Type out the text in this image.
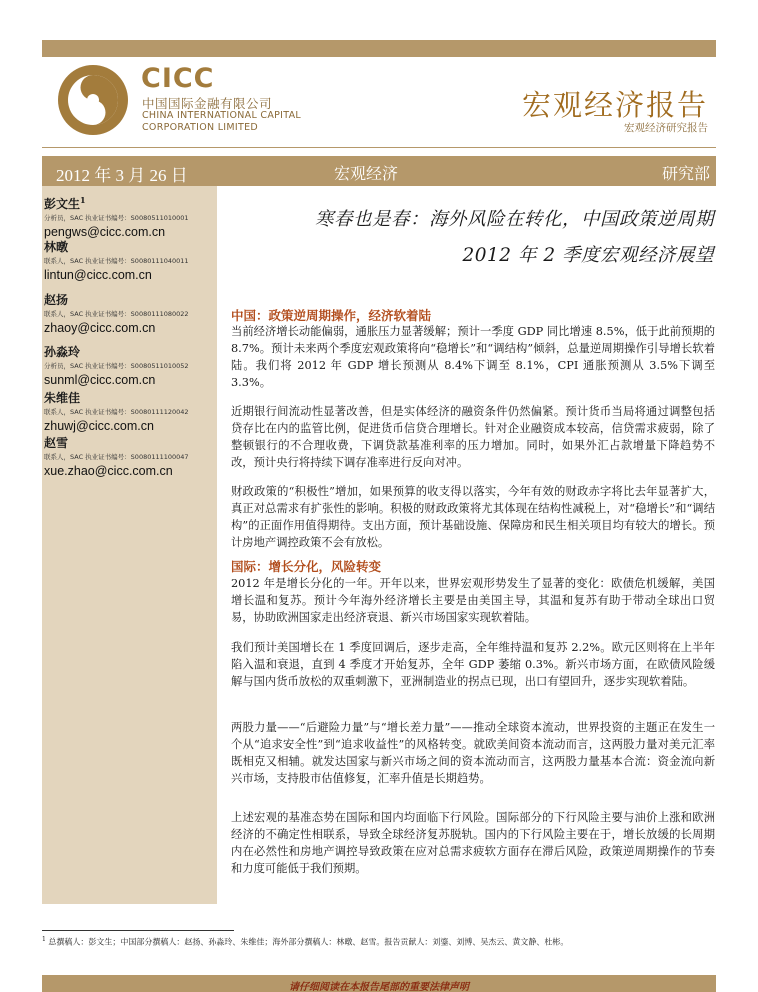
CICC
中国国际金融有限公司
CHINA INTERNATIONAL CAPITAL
CORPORATION LIMITED
宏观经济报告
宏观经济研究报告
2012 年 3 月 26 日	宏观经济	研究部
彭文生$^1$
分析员，SAC 执业证书编号：S0080511010001
pengws@cicc.com.cn
林暾
联系人，SAC 执业证书编号：S0080111040011
lintun@cicc.com.cn
赵扬
联系人，SAC 执业证书编号：S0080111080022
zhaoy@cicc.com.cn
孙淼玲
分析员，SAC 执业证书编号：S0080511010052
sunml@cicc.com.cn
朱维佳
联系人，SAC 执业证书编号：S0080111120042
zhuwj@cicc.com.cn
赵雪
联系人，SAC 执业证书编号：S0080111100047
xue.zhao@cicc.com.cn
寒春也是春：海外风险在转化，中国政策逆周期
2012 年 2 季度宏观经济展望
中国：政策逆周期操作，经济软着陆
当前经济增长动能偏弱，通胀压力显著缓解；预计一季度 GDP 同比增速 8.5%，低于此前预期的 8.7%。预计未来两个季度宏观政策将向“稳增长”和“调结构”倾斜，总量逆周期操作引导增长软着陆。我们将 2012 年 GDP 增长预测从 8.4%下调至 8.1%，CPI 通胀预测从 3.5%下调至 3.3%。
近期银行间流动性显著改善，但是实体经济的融资条件仍然偏紧。预计货币当局将通过调整包括贷存比在内的监管比例，促进货币信贷合理增长。针对企业融资成本较高，信贷需求疲弱，除了整顿银行的不合理收费，下调贷款基准利率的压力增加。同时，如果外汇占款增量下降趋势不改，预计央行将持续下调存准率进行反向对冲。
财政政策的“积极性”增加，如果预算的收支得以落实，今年有效的财政赤字将比去年显著扩大，真正对总需求有扩张性的影响。积极的财政政策将尤其体现在结构性减税上，对“稳增长”和“调结构”的正面作用值得期待。支出方面，预计基础设施、保障房和民生相关项目均有较大的增长。预计房地产调控政策不会有放松。
国际：增长分化，风险转变
2012 年是增长分化的一年。开年以来，世界宏观形势发生了显著的变化：欧债危机缓解，美国增长温和复苏。预计今年海外经济增长主要是由美国主导，其温和复苏有助于带动全球出口贸易，协助欧洲国家走出经济衰退、新兴市场国家实现软着陆。
我们预计美国增长在 1 季度回调后，逐步走高，全年维持温和复苏 2.2%。欧元区则将在上半年陷入温和衰退，直到 4 季度才开始复苏，全年 GDP 萎缩 0.3%。新兴市场方面，在欧债风险缓解与国内货币放松的双重刺激下，亚洲制造业的拐点已现，出口有望回升，逐步实现软着陆。
两股力量——“后避险力量”与“增长差力量”——推动全球资本流动，世界投资的主题正在发生一个从“追求安全性”到“追求收益性”的风格转变。就欧美间资本流动而言，这两股力量对美元汇率既相克又相辅。就发达国家与新兴市场之间的资本流动而言，这两股力量基本合流：资金流向新兴市场，支持股市估值修复，汇率升值是长期趋势。
上述宏观的基准态势在国际和国内均面临下行风险。国际部分的下行风险主要与油价上涨和欧洲经济的不确定性相联系，导致全球经济复苏脱轨。国内的下行风险主要在于，增长放缓的长周期内在必然性和房地产调控导致政策在应对总需求疲软方面存在滞后风险，政策逆周期操作的节奏和力度可能低于我们预期。
$^1$ 总撰稿人：彭文生；中国部分撰稿人：赵扬、孙淼玲、朱维佳；海外部分撰稿人：林暾、赵雪。报告贡献人：刘鎏、刘博、吴杰云、黄文静、杜彬。
请仔细阅读在本报告尾部的重要法律声明
